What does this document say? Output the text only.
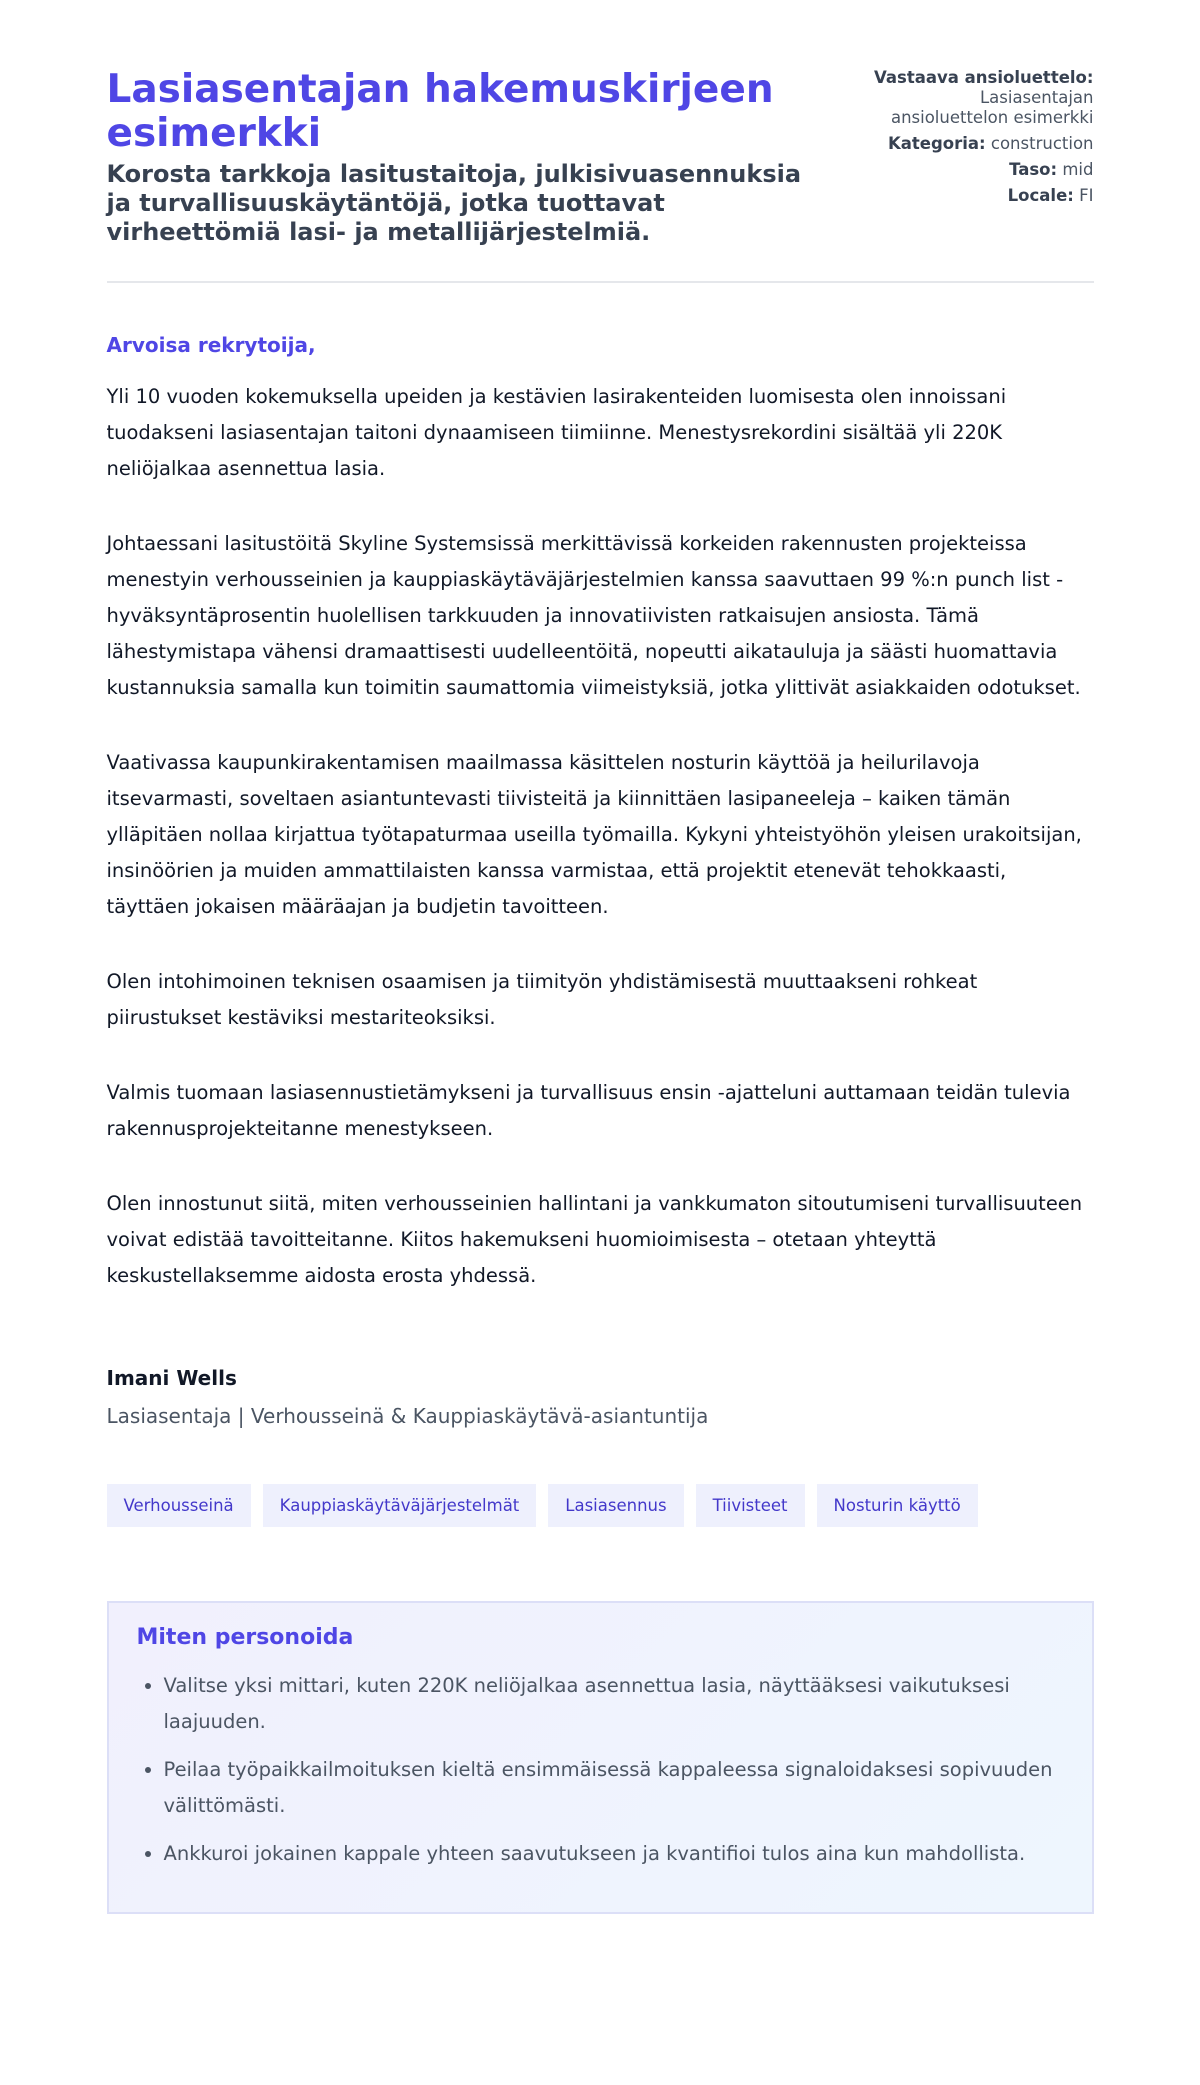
Lasiasentajan hakemuskirjeen esimerkki

Korosta tarkkoja lasitustaitoja, julkisivuasennuksia ja turvallisuuskäytäntöjä, jotka tuottavat virheettömiä lasi- ja metallijärjestelmiä.

Vastaava ansioluettelo:
Lasiasentajan ansioluettelon esimerkki
Kategoria: construction
Taso: mid
Locale: FI
Arvoisa rekrytoija,

Yli 10 vuoden kokemuksella upeiden ja kestävien lasirakenteiden luomisesta olen innoissani tuodakseni lasiasentajan taitoni dynaamiseen tiimiinne. Menestysrekordini sisältää yli 220K neliöjalkaa asennettua lasia.

Johtaessani lasitustöitä Skyline Systemsissä merkittävissä korkeiden rakennusten projekteissa menestyin verhousseinien ja kauppiaskäytäväjärjestelmien kanssa saavuttaen 99 %:n punch list -hyväksyntäprosentin huolellisen tarkkuuden ja innovatiivisten ratkaisujen ansiosta. Tämä lähestymistapa vähensi dramaattisesti uudelleentöitä, nopeutti aikatauluja ja säästi huomattavia kustannuksia samalla kun toimitin saumattomia viimeistyksiä, jotka ylittivät asiakkaiden odotukset.

Vaativassa kaupunkirakentamisen maailmassa käsittelen nosturin käyttöä ja heilurilavoja itsevarmasti, soveltaen asiantuntevasti tiivisteitä ja kiinnittäen lasipaneeleja – kaiken tämän ylläpitäen nollaa kirjattua työtapaturmaa useilla työmailla. Kykyni yhteistyöhön yleisen urakoitsijan, insinöörien ja muiden ammattilaisten kanssa varmistaa, että projektit etenevät tehokkaasti, täyttäen jokaisen määräajan ja budjetin tavoitteen.

Olen intohimoinen teknisen osaamisen ja tiimityön yhdistämisestä muuttaakseni rohkeat piirustukset kestäviksi mestariteoksiksi.

Valmis tuomaan lasiasennustietämykseni ja turvallisuus ensin -ajatteluni auttamaan teidän tulevia rakennusprojekteitanne menestykseen.

Olen innostunut siitä, miten verhousseinien hallintani ja vankkumaton sitoutumiseni turvallisuuteen voivat edistää tavoitteitanne. Kiitos hakemukseni huomioimisesta – otetaan yhteyttä keskustellaksemme aidosta erosta yhdessä.

Imani Wells
Lasiasentaja | Verhousseinä & Kauppiaskäytävä-asiantuntija
Verhousseinä	Kauppiaskäytäväjärjestelmät	Lasiasennus	Tiivisteet	Nosturin käyttö
Miten personoida
• Valitse yksi mittari, kuten 220K neliöjalkaa asennettua lasia, näyttääksesi vaikutuksesi laajuuden.
• Peilaa työpaikkailmoituksen kieltä ensimmäisessä kappaleessa signaloidaksesi sopivuuden välittömästi.
• Ankkuroi jokainen kappale yhteen saavutukseen ja kvantifioi tulos aina kun mahdollista.
